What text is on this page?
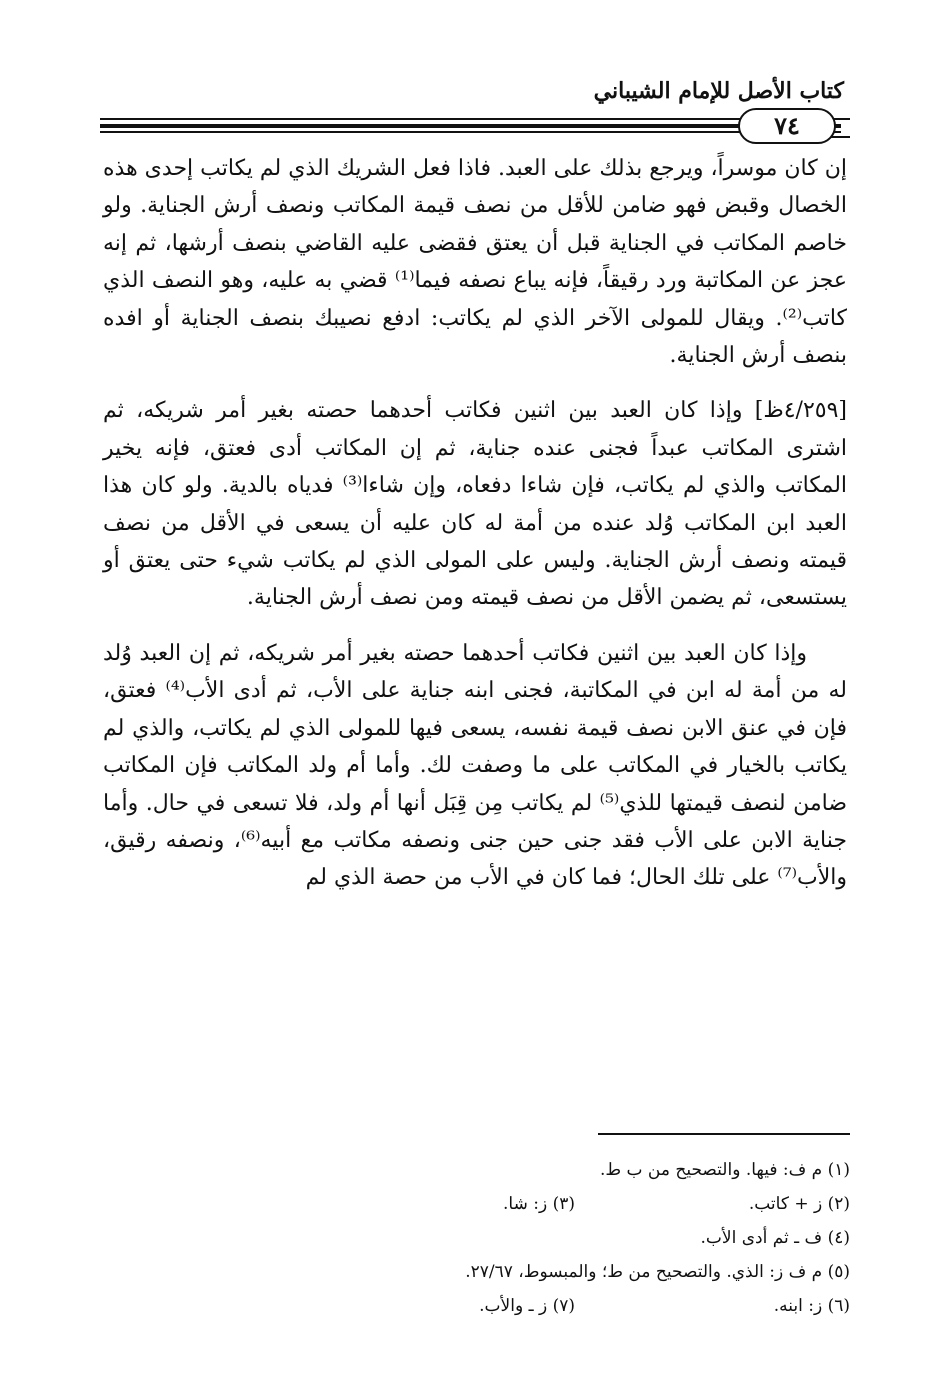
كتاب الأصل للإمام الشيباني
٧٤

إن كان موسراً، ويرجع بذلك على العبد. فاذا فعل الشريك الذي لم يكاتب إحدى هذه الخصال وقبض فهو ضامن للأقل من نصف قيمة المكاتب ونصف أرش الجناية. ولو خاصم المكاتب في الجناية قبل أن يعتق فقضى عليه القاضي بنصف أرشها، ثم إنه عجز عن المكاتبة ورد رقيقاً، فإنه يباع نصفه فيما⁽¹⁾ قضي به عليه، وهو النصف الذي كاتب⁽²⁾. ويقال للمولى الآخر الذي لم يكاتب: ادفع نصيبك بنصف الجناية أو افده بنصف أرش الجناية.

[٤/٢٥٩ظ] وإذا كان العبد بين اثنين فكاتب أحدهما حصته بغير أمر شريكه، ثم اشترى المكاتب عبداً فجنى عنده جناية، ثم إن المكاتب أدى فعتق، فإنه يخير المكاتب والذي لم يكاتب، فإن شاءا دفعاه، وإن شاءا⁽³⁾ فدياه بالدية. ولو كان هذا العبد ابن المكاتب وُلد عنده من أمة له كان عليه أن يسعى في الأقل من نصف قيمته ونصف أرش الجناية. وليس على المولى الذي لم يكاتب شيء حتى يعتق أو يستسعى، ثم يضمن الأقل من نصف قيمته ومن نصف أرش الجناية.

وإذا كان العبد بين اثنين فكاتب أحدهما حصته بغير أمر شريكه، ثم إن العبد وُلد له من أمة له ابن في المكاتبة، فجنى ابنه جناية على الأب، ثم أدى الأب⁽⁴⁾ فعتق، فإن في عنق الابن نصف قيمة نفسه، يسعى فيها للمولى الذي لم يكاتب، والذي لم يكاتب بالخيار في المكاتب على ما وصفت لك. وأما أم ولد المكاتب فإن المكاتب ضامن لنصف قيمتها للذي⁽⁵⁾ لم يكاتب مِن قِبَل أنها أم ولد، فلا تسعى في حال. وأما جناية الابن على الأب فقد جنى حين جنى ونصفه مكاتب مع أبيه⁽⁶⁾، ونصفه رقيق، والأب⁽⁷⁾ على تلك الحال؛ فما كان في الأب من حصة الذي لم

(١) م ف: فيها. والتصحيح من ب ط.
(٢) ز + كاتب.
(٣) ز: شا.
(٤) ف ـ ثم أدى الأب.
(٥) م ف ز: الذي. والتصحيح من ط؛ والمبسوط، ٢٧/٦٧.
(٦) ز: ابنه.
(٧) ز ـ والأب.
